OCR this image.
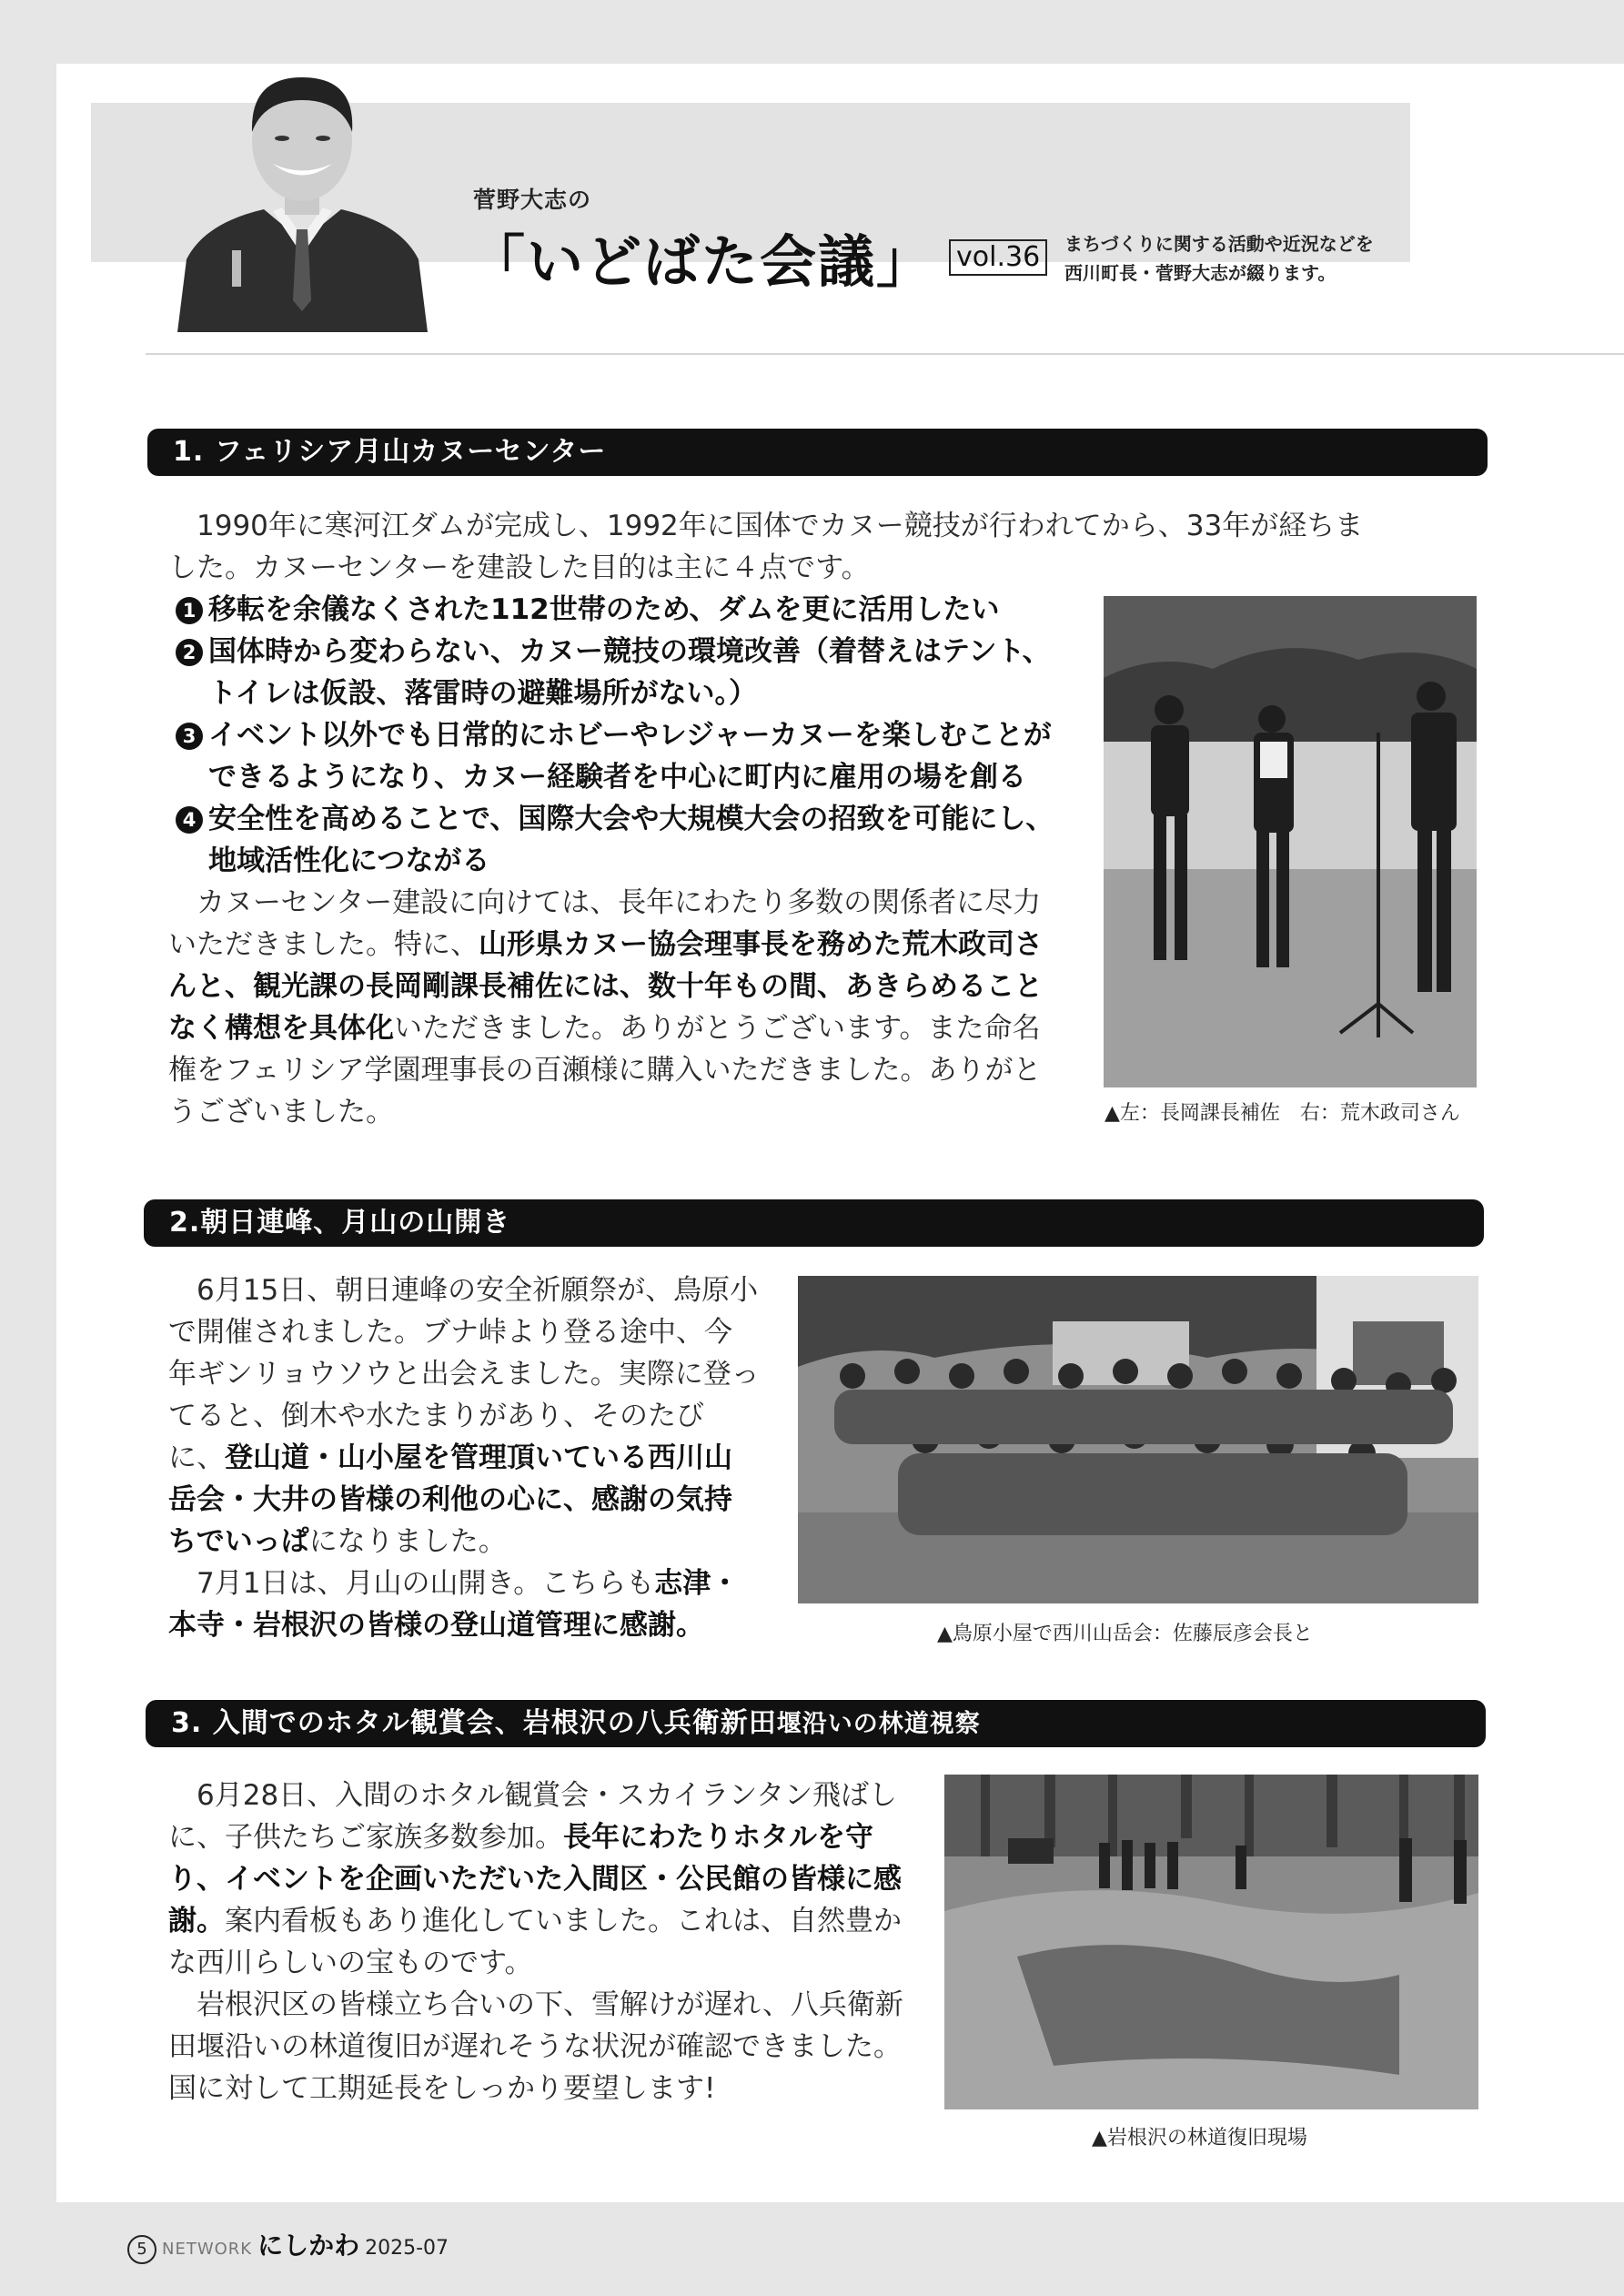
菅野大志の
「いどばた会議」 vol.36	まちづくりに関する活動や近況などを
西川町長・菅野大志が綴ります。
1. フェリシア月山カヌーセンター

1990年に寒河江ダムが完成し、1992年に国体でカヌー競技が行われてから、33年が経ちま

した。カヌーセンターを建設した目的は主に４点です。

1 移転を余儀なくされた112世帯のため、ダムを更に活用したい

2 国体時から変わらない、カヌー競技の環境改善（着替えはテント、トイレは仮設、落雷時の避難場所がない。）

3 イベント以外でも日常的にホビーやレジャーカヌーを楽しむことができるようになり、カヌー経験者を中心に町内に雇用の場を創る

4 安全性を高めることで、国際大会や大規模大会の招致を可能にし、地域活性化につながる

カヌーセンター建設に向けては、長年にわたり多数の関係者に尽力いただきました。特に、山形県カヌー協会理事長を務めた荒木政司さんと、観光課の長岡剛課長補佐には、数十年もの間、あきらめることなく構想を具体化いただきました。ありがとうございます。また命名権をフェリシア学園理事長の百瀬様に購入いただきました。ありがとうございました。	▲左：長岡課長補佐　右：荒木政司さん
2.朝日連峰、月山の山開き

6月15日、朝日連峰の安全祈願祭が、鳥原小で開催されました。ブナ峠より登る途中、今年ギンリョウソウと出会えました。実際に登ってると、倒木や水たまりがあり、そのたびに、登山道・山小屋を管理頂いている西川山岳会・大井の皆様の利他の心に、感謝の気持ちでいっぱになりました。

7月1日は、月山の山開き。こちらも志津・本寺・岩根沢の皆様の登山道管理に感謝。	▲鳥原小屋で西川山岳会：佐藤辰彦会長と
3. 入間でのホタル観賞会、岩根沢の八兵衛新田堰沿いの林道視察

6月28日、入間のホタル観賞会・スカイランタン飛ばしに、子供たちご家族多数参加。長年にわたりホタルを守り、イベントを企画いただいた入間区・公民館の皆様に感謝。案内看板もあり進化していました。これは、自然豊かな西川らしいの宝ものです。

岩根沢区の皆様立ち合いの下、雪解けが遅れ、八兵衛新田堰沿いの林道復旧が遅れそうな状況が確認できました。国に対して工期延長をしっかり要望します!

▲岩根沢の林道復旧現場
5 NETWORK にしかわ 2025-07
